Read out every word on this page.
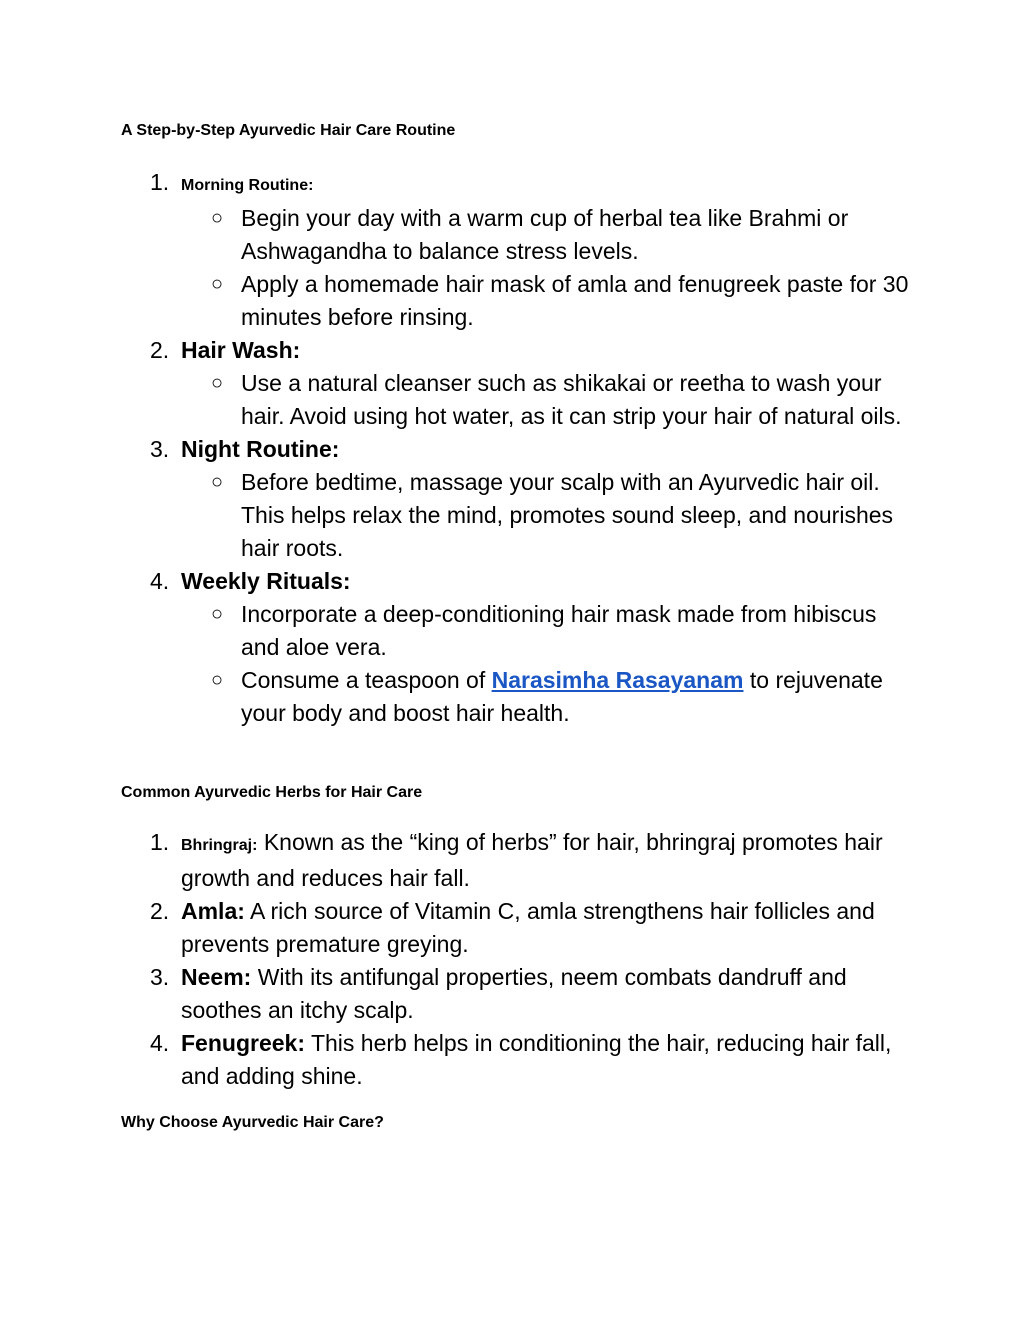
A Step-by-Step Ayurvedic Hair Care Routine
1. Morning Routine:
○ Begin your day with a warm cup of herbal tea like Brahmi or Ashwagandha to balance stress levels.
○ Apply a homemade hair mask of amla and fenugreek paste for 30 minutes before rinsing.
2. Hair Wash:
○ Use a natural cleanser such as shikakai or reetha to wash your hair. Avoid using hot water, as it can strip your hair of natural oils.
3. Night Routine:
○ Before bedtime, massage your scalp with an Ayurvedic hair oil. This helps relax the mind, promotes sound sleep, and nourishes hair roots.
4. Weekly Rituals:
○ Incorporate a deep-conditioning hair mask made from hibiscus and aloe vera.
○ Consume a teaspoon of Narasimha Rasayanam to rejuvenate your body and boost hair health.
Common Ayurvedic Herbs for Hair Care
1. Bhringraj: Known as the “king of herbs” for hair, bhringraj promotes hair growth and reduces hair fall.
2. Amla: A rich source of Vitamin C, amla strengthens hair follicles and prevents premature greying.
3. Neem: With its antifungal properties, neem combats dandruff and soothes an itchy scalp.
4. Fenugreek: This herb helps in conditioning the hair, reducing hair fall, and adding shine.
Why Choose Ayurvedic Hair Care?
